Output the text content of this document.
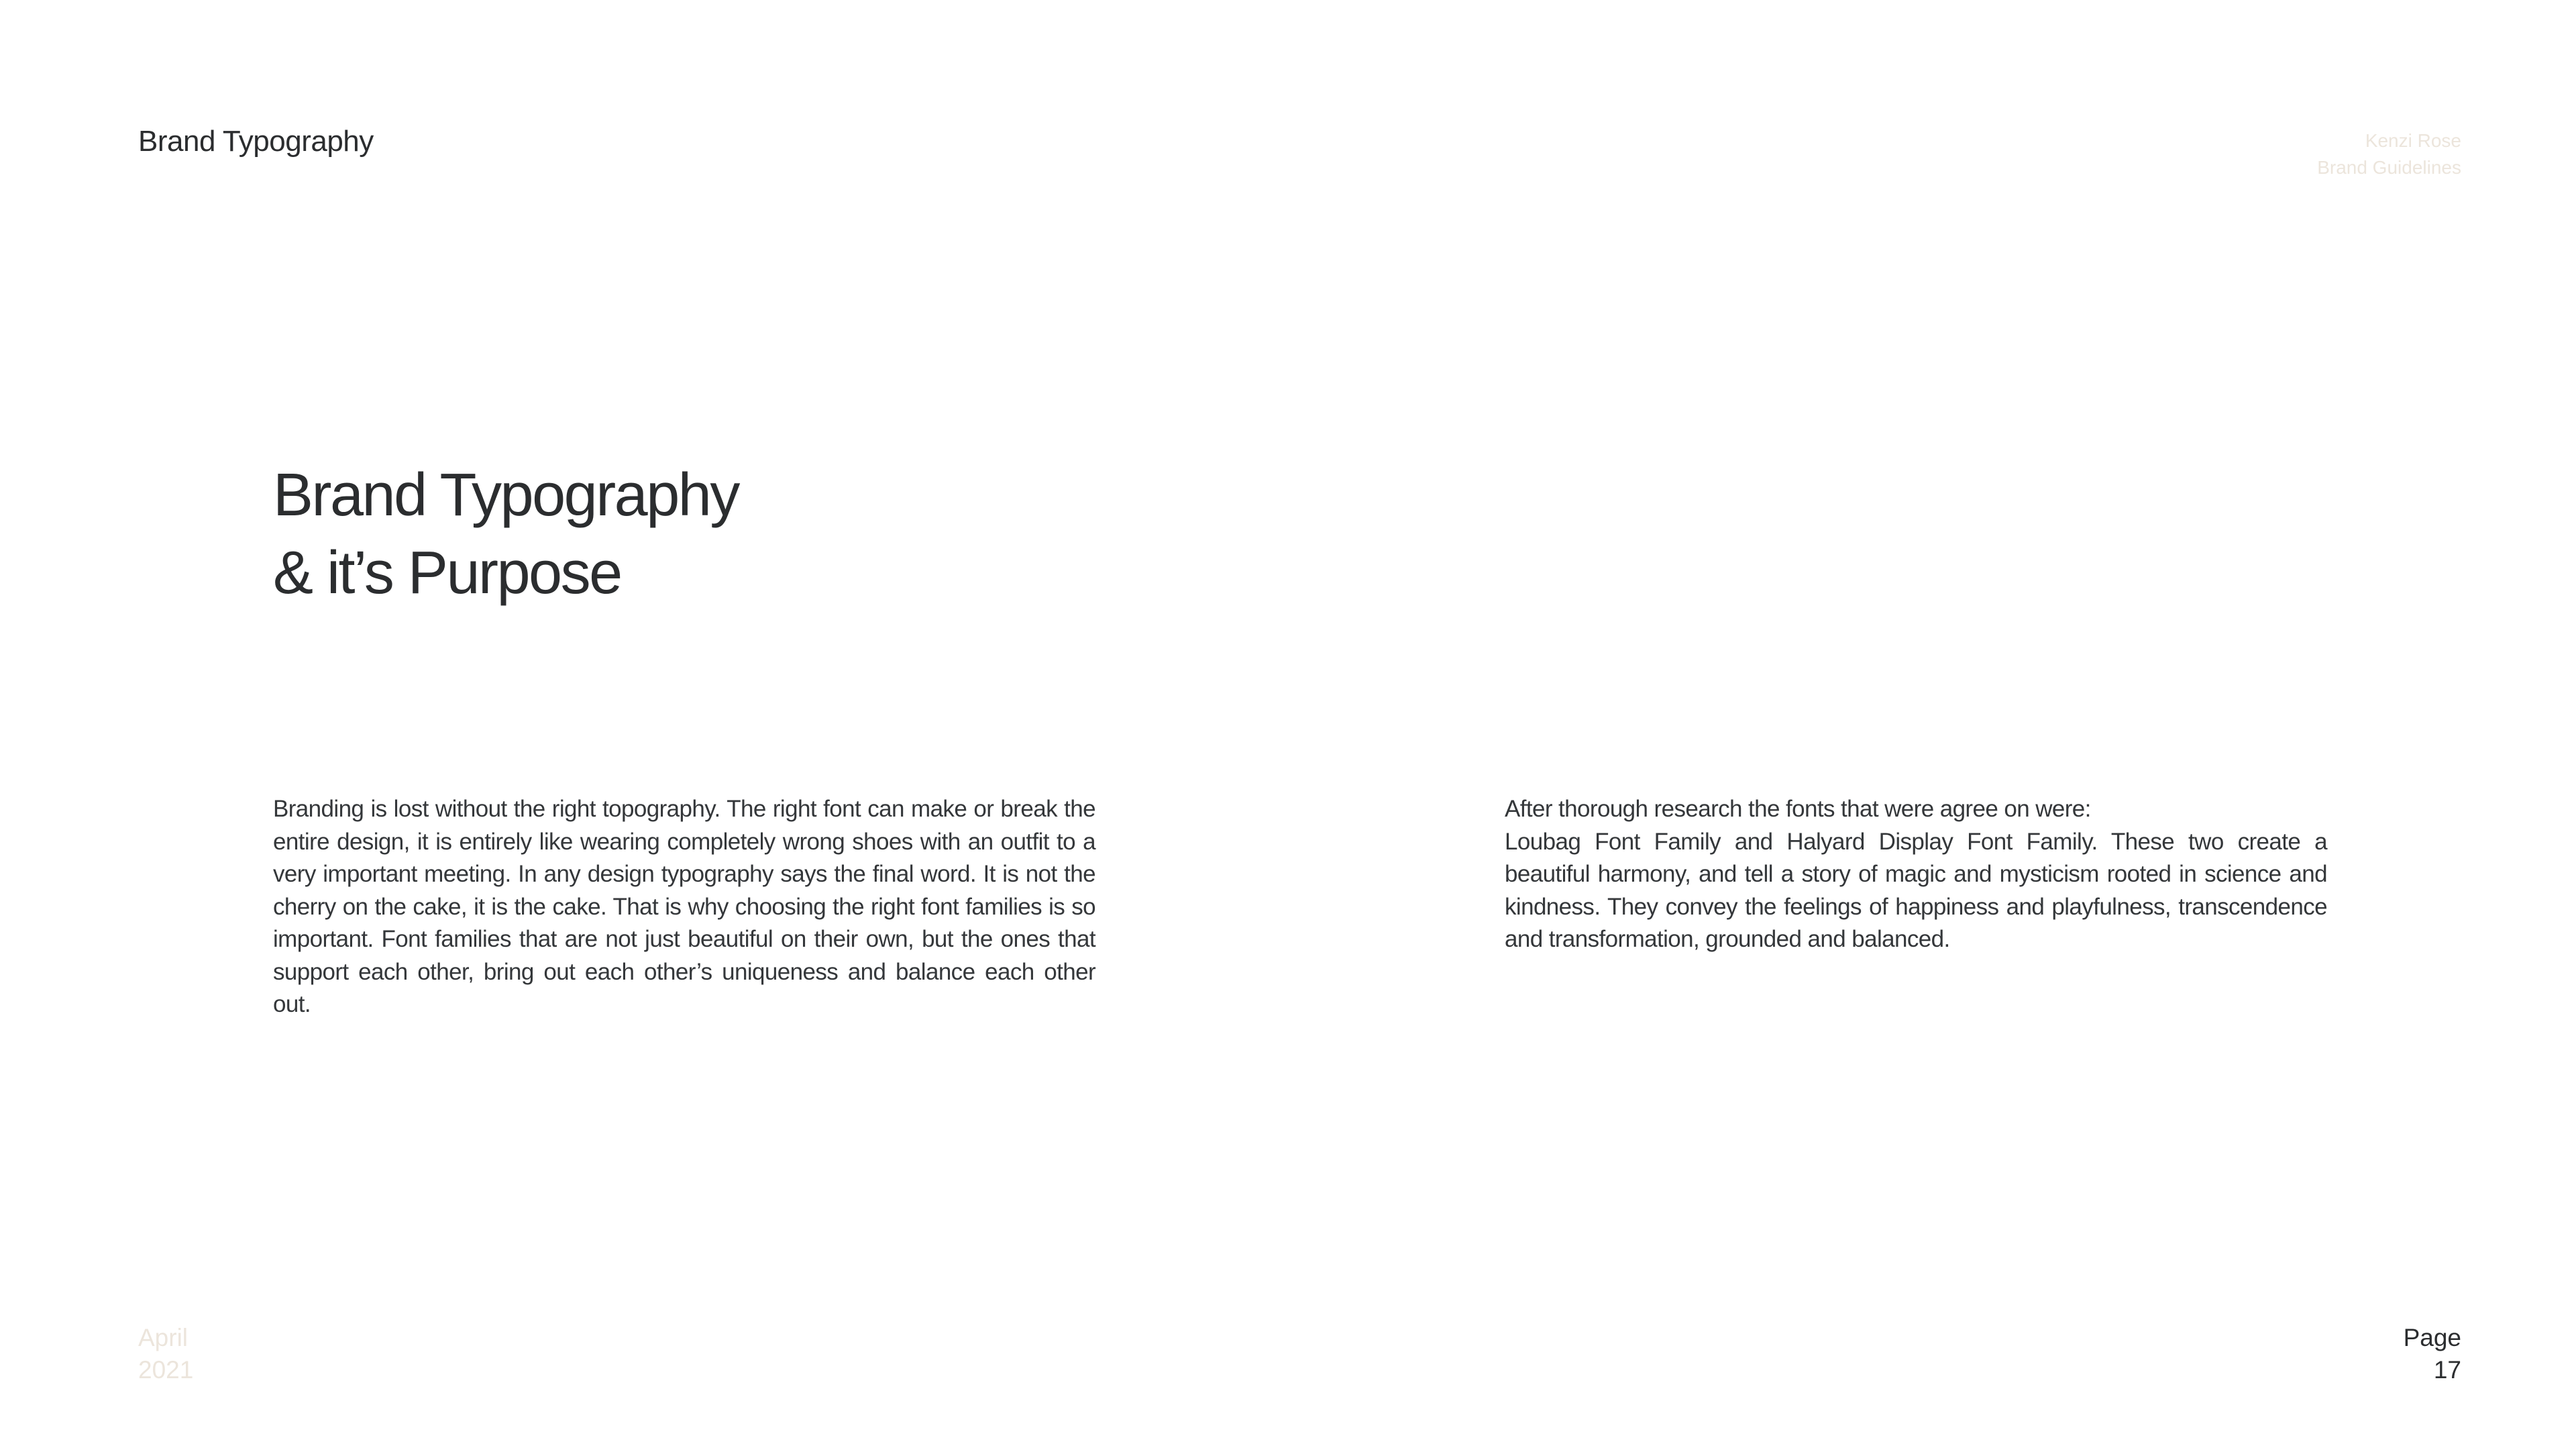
Brand Typography	Kenzi Rose
Brand Guidelines
Brand Typography
& it’s Purpose

Branding is lost without the right topography. The right font can make or break the entire design, it is entirely like wearing completely wrong shoes with an outfit to a very important meeting. In any design typography says the final word. It is not the cherry on the cake, it is the cake. That is why choosing the right font families is so important. Font families that are not just beautiful on their own, but the ones that support each other, bring out each other’s uniqueness and balance each other out.

After thorough research the fonts that were agree on were:

Loubag Font Family and Halyard Display Font Family. These two create a beautiful harmony, and tell a story of magic and mysticism rooted in science and kindness. They convey the feelings of happiness and playfulness, transcendence and transformation, grounded and balanced.

April
2021
Page
17
